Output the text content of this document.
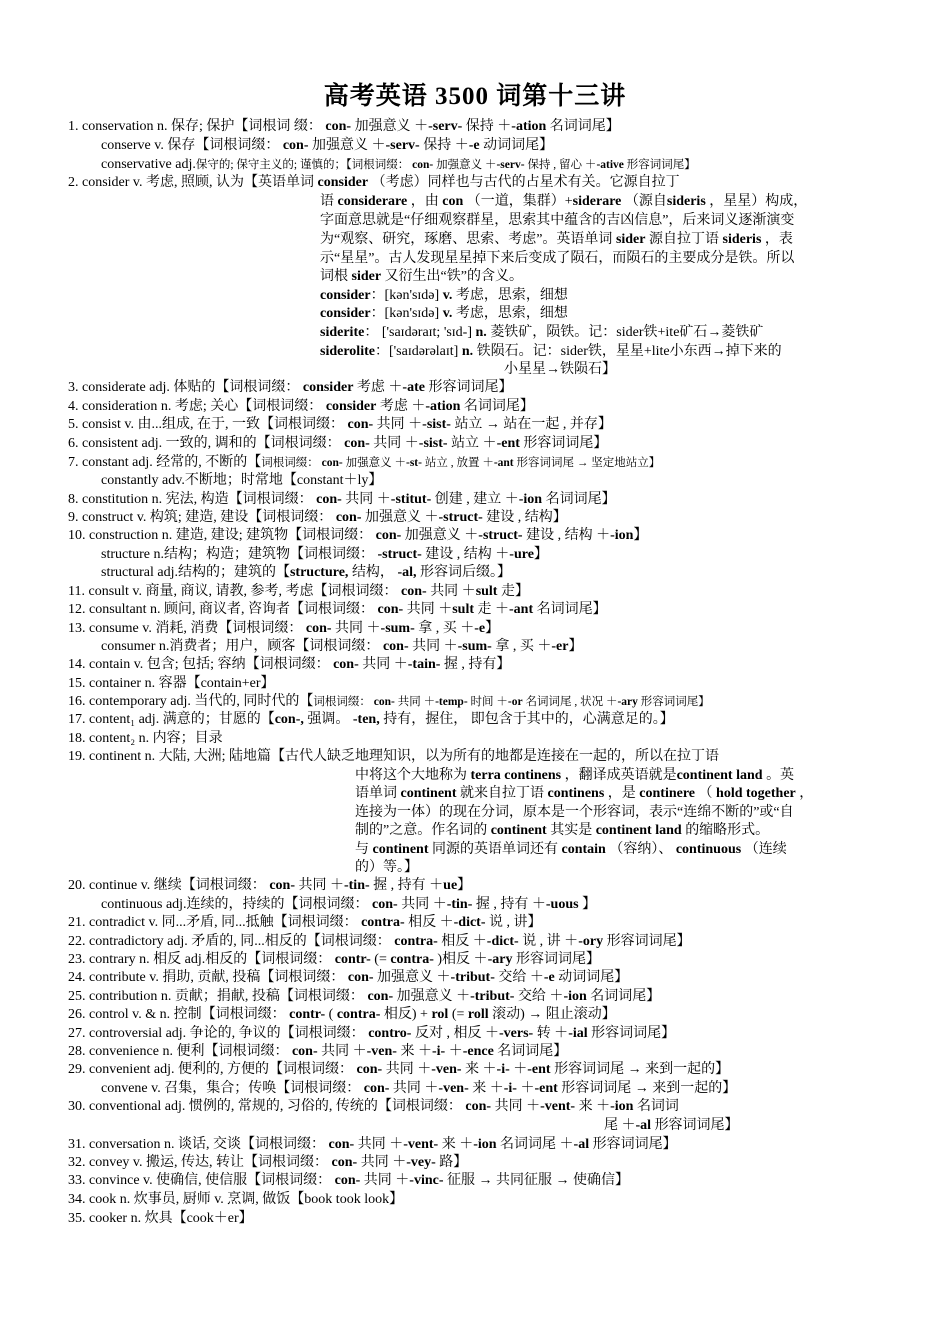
高考英语 3500 词第十三讲
1. conservation n. 保存; 保护【词根词 缀： con- 加强意义 ＋-serv- 保持 ＋-ation 名词词尾】
conserve v. 保存【词根词缀： con- 加强意义 ＋-serv- 保持 ＋-e 动词词尾】
conservative adj.保守的; 保守主义的; 谨慎的；【词根词缀： con- 加强意义 ＋-serv- 保持 , 留心 ＋-ative 形容词词尾】
2. consider v. 考虑, 照顾, 认为【英语单词 consider （考虑）同样也与古代的占星术有关。它源自拉丁
语 considerare ，由 con （一道，集群）+siderare （源自sideris ，星星）构成，
字面意思就是“仔细观察群星，思索其中蕴含的吉凶信息”，后来词义逐渐演变
为“观察、研究，琢磨、思索、考虑”。英语单词 sider 源自拉丁语 sideris ，表
示“星星”。古人发现星星掉下来后变成了陨石，而陨石的主要成分是铁。所以
词根 sider 又衍生出“铁”的含义。
consider：[kən'sɪdə] v. 考虑，思索，细想
consider：[kən'sɪdə] v. 考虑，思索，细想
siderite： ['saɪdəraɪt; 'sɪd-] n. 菱铁矿，陨铁。记：sider铁+ite矿石→菱铁矿
siderolite：['saɪdərəlaɪt] n. 铁陨石。记：sider铁，星星+lite小东西→掉下来的
小星星→铁陨石】
3. considerate adj. 体贴的【词根词缀： consider 考虑 ＋-ate 形容词词尾】
4. consideration n. 考虑; 关心【词根词缀： consider 考虑 ＋-ation 名词词尾】
5. consist v. 由...组成, 在于, 一致【词根词缀： con- 共同 ＋-sist- 站立 → 站在一起 , 并存】
6. consistent adj. 一致的, 调和的【词根词缀： con- 共同 ＋-sist- 站立 ＋-ent 形容词词尾】
7. constant adj. 经常的, 不断的【词根词缀： con- 加强意义 ＋-st- 站立 , 放置 ＋-ant 形容词词尾 → 坚定地站立】
constantly adv.不断地；时常地【constant＋ly】
8. constitution n. 宪法, 构造【词根词缀： con- 共同 ＋-stitut- 创建 , 建立 ＋-ion 名词词尾】
9. construct v. 构筑; 建造, 建设【词根词缀： con- 加强意义 ＋-struct- 建设 , 结构】
10. construction n. 建造, 建设; 建筑物【词根词缀： con- 加强意义 ＋-struct- 建设 , 结构 ＋-ion】
structure n.结构；构造；建筑物【词根词缀： -struct- 建设 , 结构 ＋-ure】
structural adj.结构的；建筑的【structure, 结构， -al, 形容词后缀。】
11. consult v. 商量, 商议, 请教, 参考, 考虑【词根词缀： con- 共同 ＋sult 走】
12. consultant n. 顾问, 商议者, 咨询者【词根词缀： con- 共同 ＋sult 走 ＋-ant 名词词尾】
13. consume v. 消耗, 消费【词根词缀： con- 共同 ＋-sum- 拿 , 买 ＋-e】
consumer n.消费者；用户，顾客【词根词缀： con- 共同 ＋-sum- 拿 , 买 ＋-er】
14. contain v. 包含; 包括; 容纳【词根词缀： con- 共同 ＋-tain- 握 , 持有】
15. container n. 容器【contain+er】
16. contemporary adj. 当代的, 同时代的【词根词缀： con- 共同 ＋-temp- 时间 ＋-or 名词词尾 , 状况 ＋-ary 形容词词尾】
17. content₁ adj. 满意的；甘愿的【con-, 强调。 -ten, 持有，握住， 即包含于其中的，心满意足的。】
18. content₂ n. 内容；目录
19. continent n. 大陆, 大洲; 陆地篇【古代人缺乏地理知识，以为所有的地都是连接在一起的，所以在拉丁语
中将这个大地称为 terra continens ，翻译成英语就是continent land 。英
语单词 continent 就来自拉丁语 continens ，是 continere （ hold together ，
连接为一体）的现在分词，原本是一个形容词，表示“连绵不断的”或“自
制的”之意。作名词的 continent 其实是 continent land 的缩略形式。
与 continent 同源的英语单词还有 contain （容纳）、 continuous （连续
的）等。】
20. continue v. 继续【词根词缀： con- 共同 ＋-tin- 握 , 持有 ＋ue】
continuous adj.连续的，持续的【词根词缀： con- 共同 ＋-tin- 握 , 持有 ＋-uous 】
21. contradict v. 同...矛盾, 同...抵触【词根词缀： contra- 相反 ＋-dict- 说 , 讲】
22. contradictory adj. 矛盾的, 同...相反的【词根词缀： contra- 相反 ＋-dict- 说 , 讲 ＋-ory 形容词词尾】
23. contrary n. 相反 adj.相反的【词根词缀： contr- (= contra- )相反 ＋-ary 形容词词尾】
24. contribute v. 捐助, 贡献, 投稿【词根词缀： con- 加强意义 ＋-tribut- 交给 ＋-e 动词词尾】
25. contribution n. 贡献；捐献, 投稿【词根词缀： con- 加强意义 ＋-tribut- 交给 ＋-ion 名词词尾】
26. control v. & n. 控制【词根词缀： contr- ( contra- 相反) + rol (= roll 滚动) → 阻止滚动】
27. controversial adj. 争论的, 争议的【词根词缀： contro- 反对 , 相反 ＋-vers- 转 ＋-ial 形容词词尾】
28. convenience n. 便利【词根词缀： con- 共同 ＋-ven- 来 ＋-i- ＋-ence 名词词尾】
29. convenient adj. 便利的, 方便的【词根词缀： con- 共同 ＋-ven- 来 ＋-i- ＋-ent 形容词词尾 → 来到一起的】
convene v. 召集，集合；传唤【词根词缀： con- 共同 ＋-ven- 来 ＋-i- ＋-ent 形容词词尾 → 来到一起的】
30. conventional adj. 惯例的, 常规的, 习俗的, 传统的【词根词缀： con- 共同 ＋-vent- 来 ＋-ion 名词词
尾 ＋-al 形容词词尾】
31. conversation n. 谈话, 交谈【词根词缀： con- 共同 ＋-vent- 来 ＋-ion 名词词尾 ＋-al 形容词词尾】
32. convey v. 搬运, 传达, 转让【词根词缀： con- 共同 ＋-vey- 路】
33. convince v. 使确信, 使信服【词根词缀： con- 共同 ＋-vinc- 征服 → 共同征服 → 使确信】
34. cook n. 炊事员, 厨师 v. 烹调, 做饭【book took look】
35. cooker n. 炊具【cook＋er】
